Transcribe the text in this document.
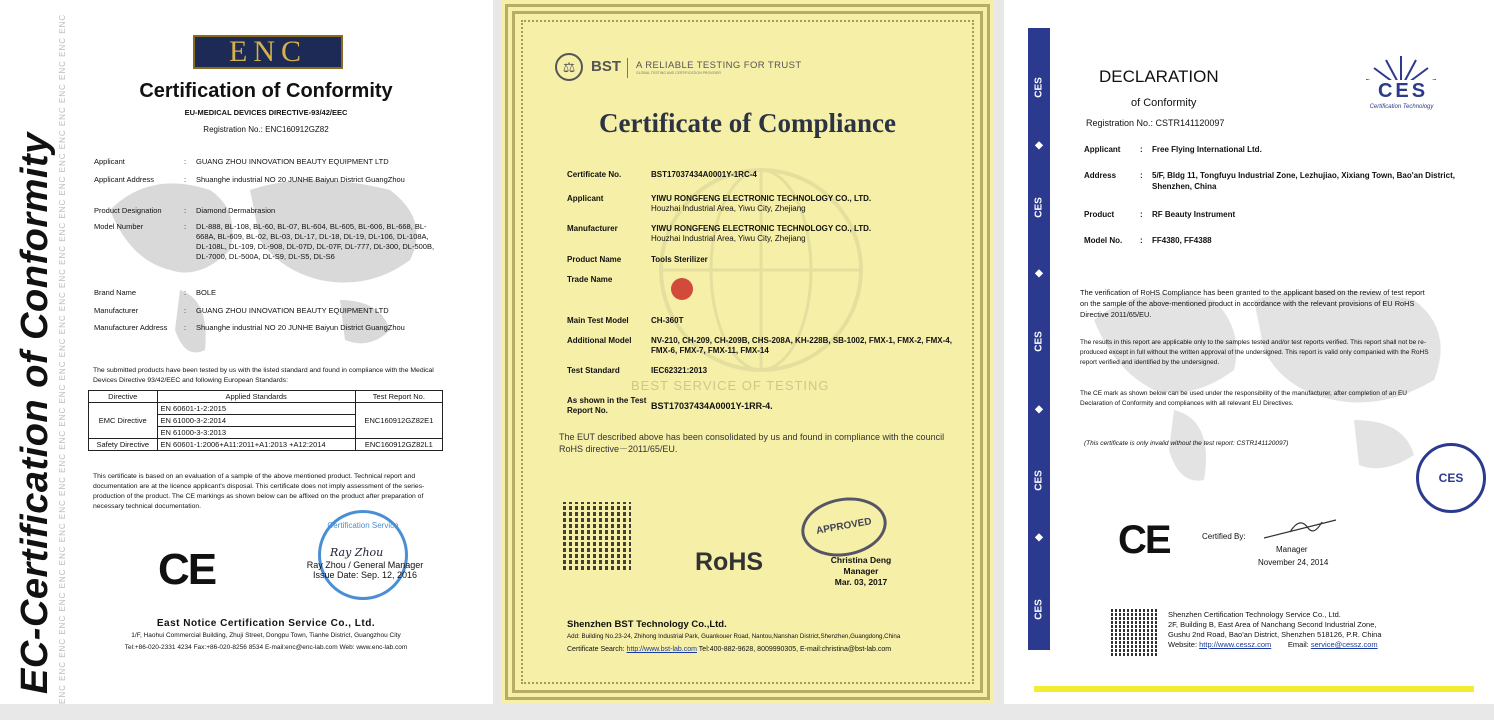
EC-Certification of Conformity ENC ENC ENC ENC ENC ENC ENC ENC ENC ENC ENC ENC ENC ENC ENC ENC ENC ENC ENC ENC ENC ENC ENC ENC ENC ENC ENC ENC ENC ENC	ENC
Certification of Conformity
EU-MEDICAL DEVICES DIRECTIVE-93/42/EEC
Registration No.: ENC160912GZ82
Applicant	:	GUANG ZHOU INNOVATION BEAUTY EQUIPMENT LTD
Applicant Address	:	Shuanghe industrial NO 20 JUNHE Baiyun District GuangZhou
Product Designation	:	Diamond Dermabrasion
Model Number	:	DL-888, BL-108, BL-60, BL-07, BL-604, BL-605, BL-606, BL-668, BL-668A, BL-609, BL-02, BL-03, DL-17, DL-18, DL-19, DL-106, DL-108A, DL-108L, DL-109, DL-908, DL-07D, DL-07F, DL-777, DL-300, DL-500B, DL-7000, DL-500A, DL-S9, DL-S5, DL-S6
Brand Name	:	BOLE
Manufacturer	:	GUANG ZHOU INNOVATION BEAUTY EQUIPMENT LTD
Manufacturer Address	:	Shuanghe industrial NO 20 JUNHE Baiyun District GuangZhou
The submitted products have been tested by us with the listed standard and found in compliance with the Medical Devices Directive 93/42/EEC and following European Standards:
Directive	Applied Standards	Test Report No.
EMC Directive	EN 60601-1-2:2015	ENC160912GZ82E1
	EN 61000-3-2:2014	
	EN 61000-3-3:2013	
Safety Directive	EN 60601-1:2006+A11:2011+A1:2013 +A12:2014	ENC160912GZ82L1
This certificate is based on an evaluation of a sample of the above mentioned product. Technical report and documentation are at the licence applicant's disposal. This certificate does not imply assessment of the series-production of the product. The CE markings as shown below can be affixed on the product after preparation of necessary technical documentation.
CE
Certification Service
Ray Zhou
Ray Zhou / General Manager
Issue Date: Sep. 12, 2016
East Notice Certification Service Co., Ltd.
1/F, Haohui Commercial Building, Zhuji Street, Dongpu Town, Tianhe District, Guangzhou City
Tel:+86-020-2331 4234 Fax:+86-020-8256 8534 E-mail:enc@enc-lab.com Web: www.enc-lab.com
BEST SERVICE OF TESTING
⚖	BST A RELIABLE TESTING FOR TRUST
GLOBAL TESTING AND CERTIFICATION PROVIDER
Certificate of Compliance
Certificate No.	BST17037434A0001Y-1RC-4
Applicant	YIWU RONGFENG ELECTRONIC TECHNOLOGY CO., LTD.
Houzhai Industrial Area, Yiwu City, Zhejiang
Manufacturer	YIWU RONGFENG ELECTRONIC TECHNOLOGY CO., LTD.
Houzhai Industrial Area, Yiwu City, Zhejiang
Product Name	Tools Sterilizer
Trade Name
Main Test Model	CH-360T
Additional Model	NV-210, CH-209, CH-209B, CHS-208A, KH-228B, SB-1002, FMX-1, FMX-2, FMX-4, FMX-6, FMX-7, FMX-11, FMX-14
Test Standard	IEC62321:2013
As shown in the Test Report No.	BST17037434A0001Y-1RR-4.
The EUT described above has been consolidated by us and found in compliance with the council RoHS directive－2011/65/EU.
RoHS
APPROVED
Christina Deng
Manager
Mar. 03, 2017
Shenzhen BST Technology Co.,Ltd.
Add: Building No.23-24, Zhihong Industrial Park, Guankouer Road, Nantou,Nanshan District,Shenzhen,Guangdong,China
Certificate Search: http://www.bst-lab.com Tel:400-882-9628, 8009990305, E-mail:christina@bst-lab.com
CES
◆
CES
◆
CES
◆
CES
◆
CES
DECLARATION
of Conformity
Registration No.: CSTR141120097
CES
Certification Technology
Applicant	:	Free Flying International Ltd.
Address	:	5/F, Bldg 11, Tongfuyu Industrial Zone, Lezhujiao, Xixiang Town, Bao'an District, Shenzhen, China
Product	:	RF Beauty Instrument
Model No.	:	FF4380, FF4388
The verification of RoHS Compliance has been granted to the applicant based on the review of test report on the sample of the above-mentioned product in accordance with the relevant provisions of EU RoHS Directive 2011/65/EU.
The results in this report are applicable only to the samples tested and/or test reports verified. This report shall not be re-produced except in full without the written approval of the undersigned. This report is valid only companied with the RoHS report verified and identified by the undersigned.
The CE mark as shown below can be used under the responsibility of the manufacturer, after completion of an EU Declaration of Conformity and compliances with all relevant EU Directives.
(This certificate is only invalid without the test report: CSTR141120097)
CE	Certified By:
Manager
November 24, 2014
CES
Shenzhen Certification Technology Service Co., Ltd.
2F, Building B, East Area of Nanchang Second Industrial Zone,
Gushu 2nd Road, Bao'an District, Shenzhen 518126, P.R. China
Website: http://www.cessz.com Email: service@cessz.com
